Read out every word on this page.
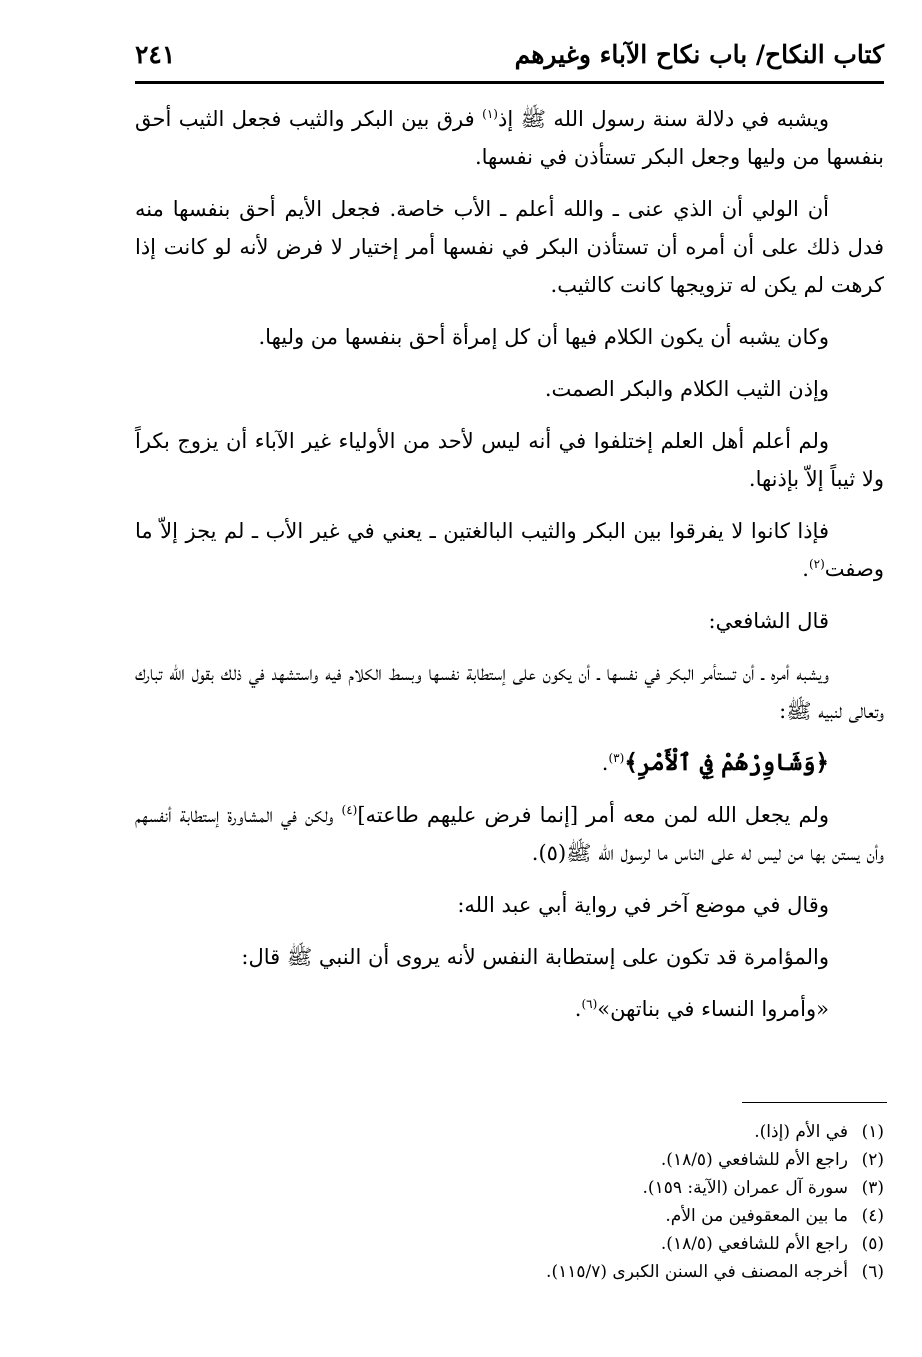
كتاب النكاح/ باب نكاح الآباء وغيرهم
٢٤١

ويشبه في دلالة سنة رسول الله ﷺ إذ$^{(١)}$ فرق بين البكر والثيب فجعل الثيب أحق بنفسها من وليها وجعل البكر تستأذن في نفسها.

أن الولي أن الذي عنى ـ والله أعلم ـ الأب خاصة. فجعل الأيم أحق بنفسها منه فدل ذلك على أن أمره أن تستأذن البكر في نفسها أمر إختيار لا فرض لأنه لو كانت إذا كرهت لم يكن له تزويجها كانت كالثيب.

وكان يشبه أن يكون الكلام فيها أن كل إمرأة أحق بنفسها من وليها.

وإذن الثيب الكلام والبكر الصمت.

ولم أعلم أهل العلم إختلفوا في أنه ليس لأحد من الأولياء غير الآباء أن يزوج بكراً ولا ثيباً إلاّ بإذنها.

فإذا كانوا لا يفرقوا بين البكر والثيب البالغتين ـ يعني في غير الأب ـ لم يجز إلاّ ما وصفت$^{(٢)}$.

قال الشافعي:

ويشبه أمره ـ أن تستأمر البكر في نفسها ـ أن يكون على إستطابة نفسها وبسط الكلام فيه واستشهد في ذلك بقول الله تبارك وتعالى لنبيه ﷺ:

﴿وَشَاوِرْهُمْ فِي ٱلْأَمْرِ﴾$^{(٣)}$.

ولم يجعل الله لمن معه أمر [إنما فرض عليهم طاعته]$^{(٤)}$ ولكن في المشاورة إستطابة أنفسهم وأن يستن بها من ليس له على الناس ما لرسول الله ﷺ(٥).

وقال في موضع آخر في رواية أبي عبد الله:

والمؤامرة قد تكون على إستطابة النفس لأنه يروى أن النبي ﷺ قال:

«وأمروا النساء في بناتهن»$^{(٦)}$.

(١)في الأم (إذا).
(٢)راجع الأم للشافعي (١٨/٥).
(٣)سورة آل عمران (الآية: ١٥٩).
(٤)ما بين المعقوفين من الأم.
(٥)راجع الأم للشافعي (١٨/٥).
(٦)أخرجه المصنف في السنن الكبرى (١١٥/٧).
